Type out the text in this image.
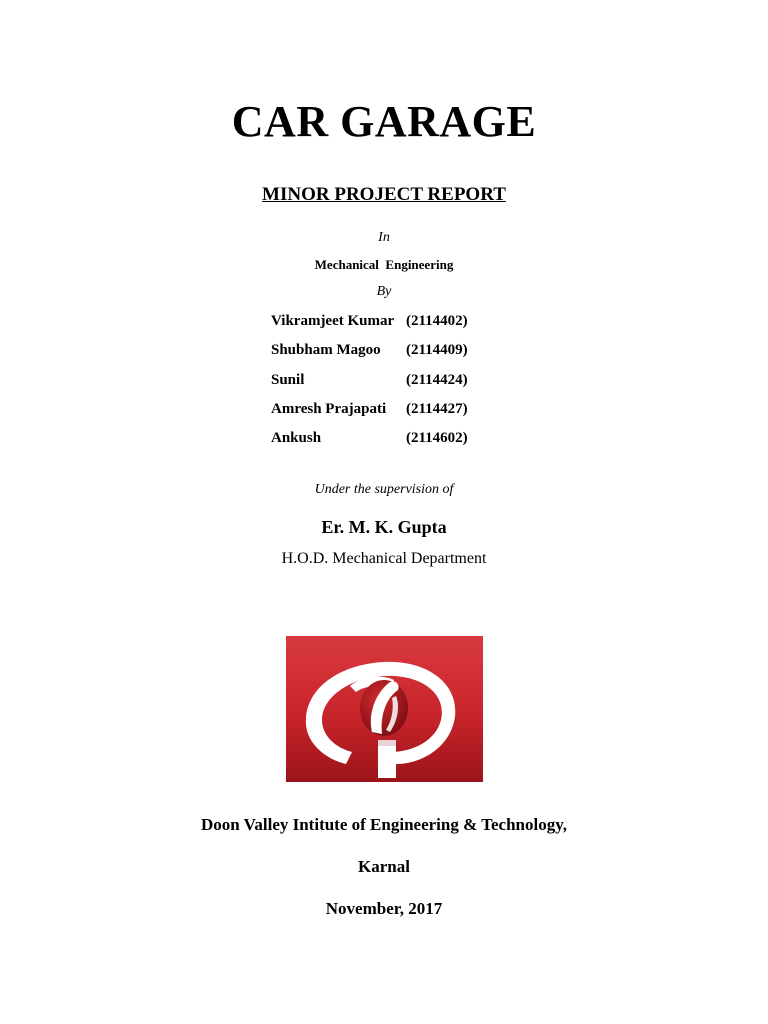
CAR GARAGE
MINOR PROJECT REPORT
In
Mechanical  Engineering
By
Vikramjeet Kumar (2114402)
Shubham Magoo (2114409)
Sunil	(2114424)
Amresh Prajapati (2114427)
Ankush	(2114602)
Under the supervision of
Er. M. K. Gupta
H.O.D. Mechanical Department
Doon Valley Intitute of Engineering & Technology,
Karnal
November, 2017
